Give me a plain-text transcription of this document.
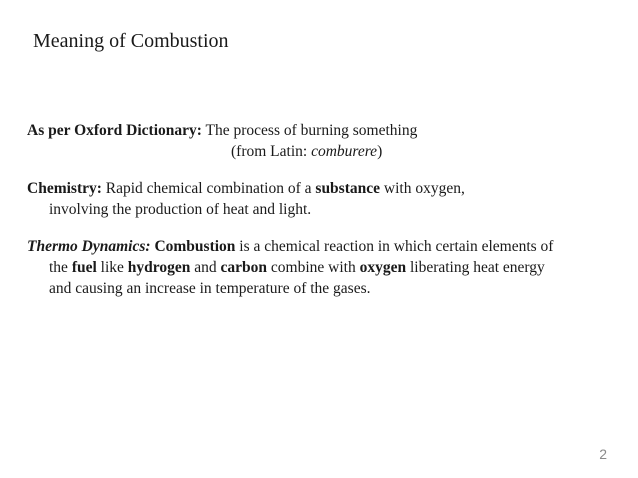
Meaning of Combustion
As per Oxford Dictionary: The process of burning something
(from Latin: comburere)
Chemistry: Rapid chemical combination of a substance with oxygen,
involving the production of heat and light.
Thermo Dynamics: Combustion is a chemical reaction in which certain elements of
the fuel like hydrogen and carbon combine with oxygen liberating heat energy
and causing an increase in temperature of the gases.
2
